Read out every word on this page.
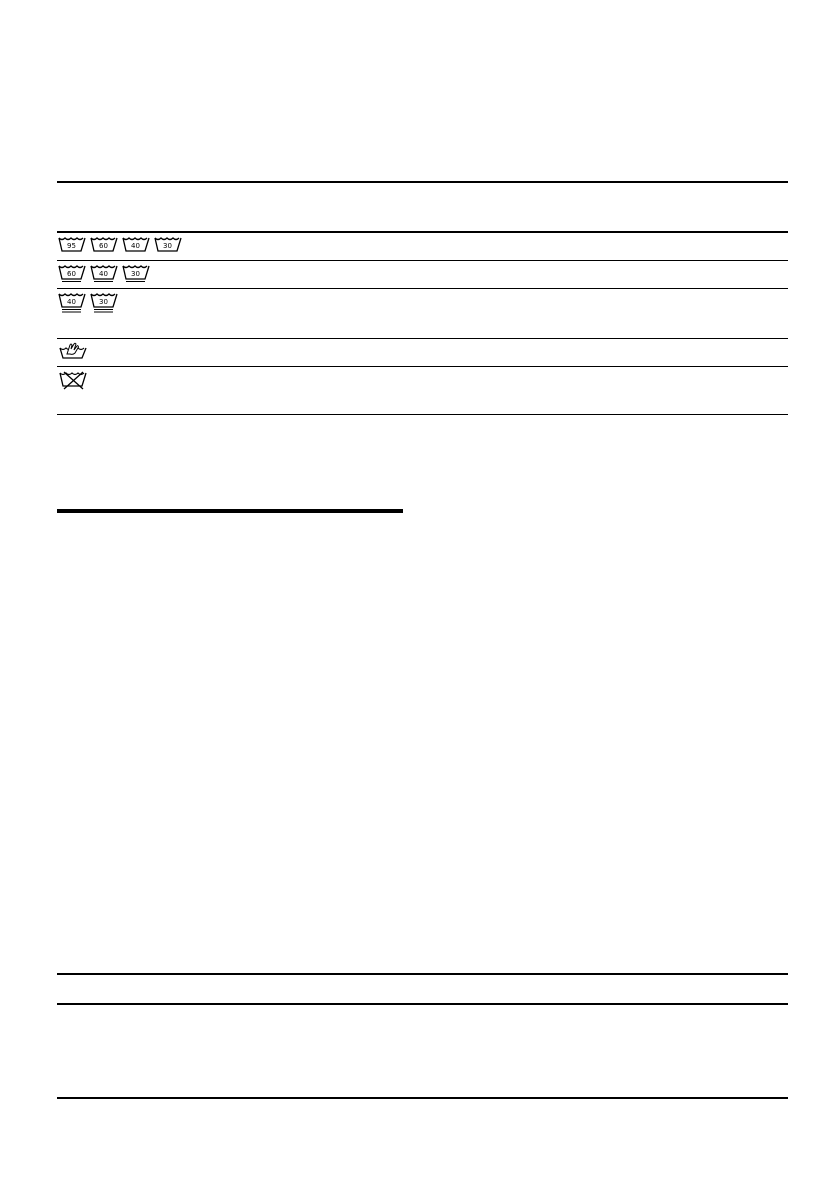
95 60 40 30		

60 40 30		

40 30		
